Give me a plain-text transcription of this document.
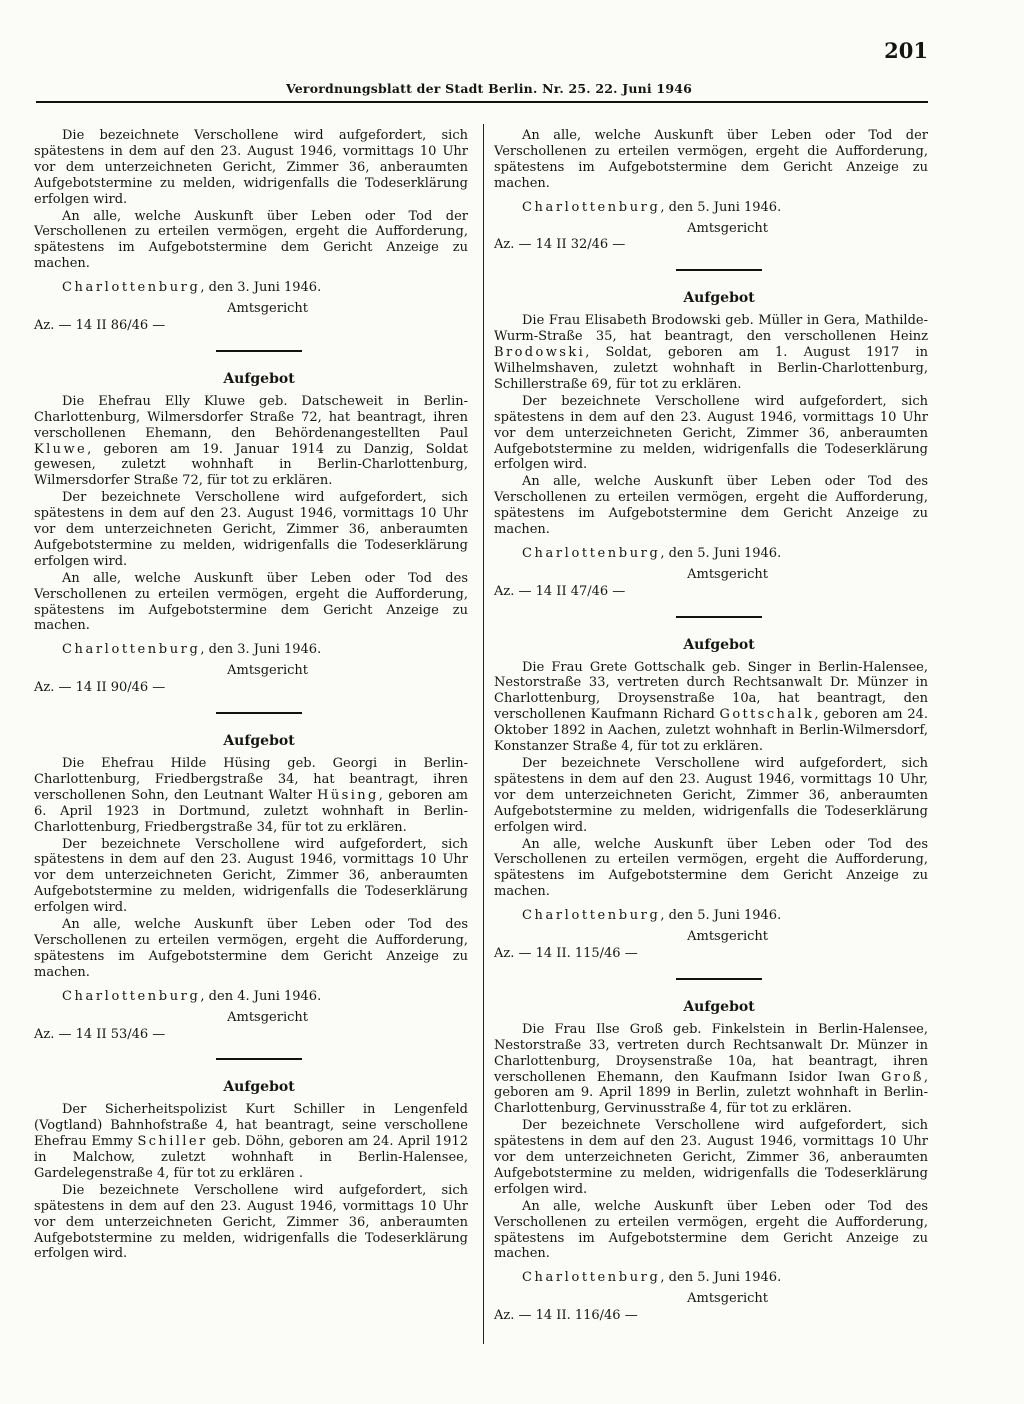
201
Verordnungsblatt der Stadt Berlin. Nr. 25. 22. Juni 1946

Die bezeichnete Verschollene wird aufgefordert, sich spätestens in dem auf den 23. August 1946, vormittags 10 Uhr vor dem unterzeichneten Gericht, Zimmer 36, anberaumten Aufgebotstermine zu melden, widrigenfalls die Todeserklärung erfolgen wird.

An alle, welche Auskunft über Leben oder Tod der Verschollenen zu erteilen vermögen, ergeht die Aufforderung, spätestens im Aufgebotstermine dem Gericht Anzeige zu machen.

Charlottenburg, den 3. Juni 1946.
Amtsgericht
Az. — 14 II 86/46 —
Aufgebot

Die Ehefrau Elly Kluwe geb. Datscheweit in Berlin-Charlottenburg, Wilmersdorfer Straße 72, hat beantragt, ihren verschollenen Ehemann, den Behördenangestellten Paul Kluwe, geboren am 19. Januar 1914 zu Danzig, Soldat gewesen, zuletzt wohnhaft in Berlin-Charlottenburg, Wilmersdorfer Straße 72, für tot zu erklären.

Der bezeichnete Verschollene wird aufgefordert, sich spätestens in dem auf den 23. August 1946, vormittags 10 Uhr vor dem unterzeichneten Gericht, Zimmer 36, anberaumten Aufgebotstermine zu melden, widrigenfalls die Todeserklärung erfolgen wird.

An alle, welche Auskunft über Leben oder Tod des Verschollenen zu erteilen vermögen, ergeht die Aufforderung, spätestens im Aufgebotstermine dem Gericht Anzeige zu machen.

Charlottenburg, den 3. Juni 1946.
Amtsgericht
Az. — 14 II 90/46 —
Aufgebot

Die Ehefrau Hilde Hüsing geb. Georgi in Berlin-Charlottenburg, Friedbergstraße 34, hat beantragt, ihren verschollenen Sohn, den Leutnant Walter Hüsing, geboren am 6. April 1923 in Dortmund, zuletzt wohnhaft in Berlin-Charlottenburg, Friedbergstraße 34, für tot zu erklären.

Der bezeichnete Verschollene wird aufgefordert, sich spätestens in dem auf den 23. August 1946, vormittags 10 Uhr vor dem unterzeichneten Gericht, Zimmer 36, anberaumten Aufgebotstermine zu melden, widrigenfalls die Todeserklärung erfolgen wird.

An alle, welche Auskunft über Leben oder Tod des Verschollenen zu erteilen vermögen, ergeht die Aufforderung, spätestens im Aufgebotstermine dem Gericht Anzeige zu machen.

Charlottenburg, den 4. Juni 1946.
Amtsgericht
Az. — 14 II 53/46 —
Aufgebot

Der Sicherheitspolizist Kurt Schiller in Lengenfeld (Vogtland) Bahnhofstraße 4, hat beantragt, seine verschollene Ehefrau Emmy Schiller geb. Döhn, geboren am 24. April 1912 in Malchow, zuletzt wohnhaft in Berlin-Halensee, Gardelegenstraße 4, für tot zu erklären .

Die bezeichnete Verschollene wird aufgefordert, sich spätestens in dem auf den 23. August 1946, vormittags 10 Uhr vor dem unterzeichneten Gericht, Zimmer 36, anberaumten Aufgebotstermine zu melden, widrigenfalls die Todeserklärung erfolgen wird.

An alle, welche Auskunft über Leben oder Tod der Verschollenen zu erteilen vermögen, ergeht die Aufforderung, spätestens im Aufgebotstermine dem Gericht Anzeige zu machen.

Charlottenburg, den 5. Juni 1946.
Amtsgericht
Az. — 14 II 32/46 —
Aufgebot

Die Frau Elisabeth Brodowski geb. Müller in Gera, Mathilde-Wurm-Straße 35, hat beantragt, den verschollenen Heinz Brodowski, Soldat, geboren am 1. August 1917 in Wilhelmshaven, zuletzt wohnhaft in Berlin-Charlottenburg, Schillerstraße 69, für tot zu erklären.

Der bezeichnete Verschollene wird aufgefordert, sich spätestens in dem auf den 23. August 1946, vormittags 10 Uhr vor dem unterzeichneten Gericht, Zimmer 36, anberaumten Aufgebotstermine zu melden, widrigenfalls die Todeserklärung erfolgen wird.

An alle, welche Auskunft über Leben oder Tod des Verschollenen zu erteilen vermögen, ergeht die Aufforderung, spätestens im Aufgebotstermine dem Gericht Anzeige zu machen.

Charlottenburg, den 5. Juni 1946.
Amtsgericht
Az. — 14 II 47/46 —
Aufgebot

Die Frau Grete Gottschalk geb. Singer in Berlin-Halensee, Nestorstraße 33, vertreten durch Rechtsanwalt Dr. Münzer in Charlottenburg, Droysenstraße 10a, hat beantragt, den verschollenen Kaufmann Richard Gottschalk, geboren am 24. Oktober 1892 in Aachen, zuletzt wohnhaft in Berlin-Wilmersdorf, Konstanzer Straße 4, für tot zu erklären.

Der bezeichnete Verschollene wird aufgefordert, sich spätestens in dem auf den 23. August 1946, vormittags 10 Uhr, vor dem unterzeichneten Gericht, Zimmer 36, anberaumten Aufgebotstermine zu melden, widrigenfalls die Todeserklärung erfolgen wird.

An alle, welche Auskunft über Leben oder Tod des Verschollenen zu erteilen vermögen, ergeht die Aufforderung, spätestens im Aufgebotstermine dem Gericht Anzeige zu machen.

Charlottenburg, den 5. Juni 1946.
Amtsgericht
Az. — 14 II. 115/46 —
Aufgebot

Die Frau Ilse Groß geb. Finkelstein in Berlin-Halensee, Nestorstraße 33, vertreten durch Rechtsanwalt Dr. Münzer in Charlottenburg, Droysenstraße 10a, hat beantragt, ihren verschollenen Ehemann, den Kaufmann Isidor Iwan Groß, geboren am 9. April 1899 in Berlin, zuletzt wohnhaft in Berlin-Charlottenburg, Gervinusstraße 4, für tot zu erklären.

Der bezeichnete Verschollene wird aufgefordert, sich spätestens in dem auf den 23. August 1946, vormittags 10 Uhr vor dem unterzeichneten Gericht, Zimmer 36, anberaumten Aufgebotstermine zu melden, widrigenfalls die Todeserklärung erfolgen wird.

An alle, welche Auskunft über Leben oder Tod des Verschollenen zu erteilen vermögen, ergeht die Aufforderung, spätestens im Aufgebotstermine dem Gericht Anzeige zu machen.

Charlottenburg, den 5. Juni 1946.
Amtsgericht
Az. — 14 II. 116/46 —
